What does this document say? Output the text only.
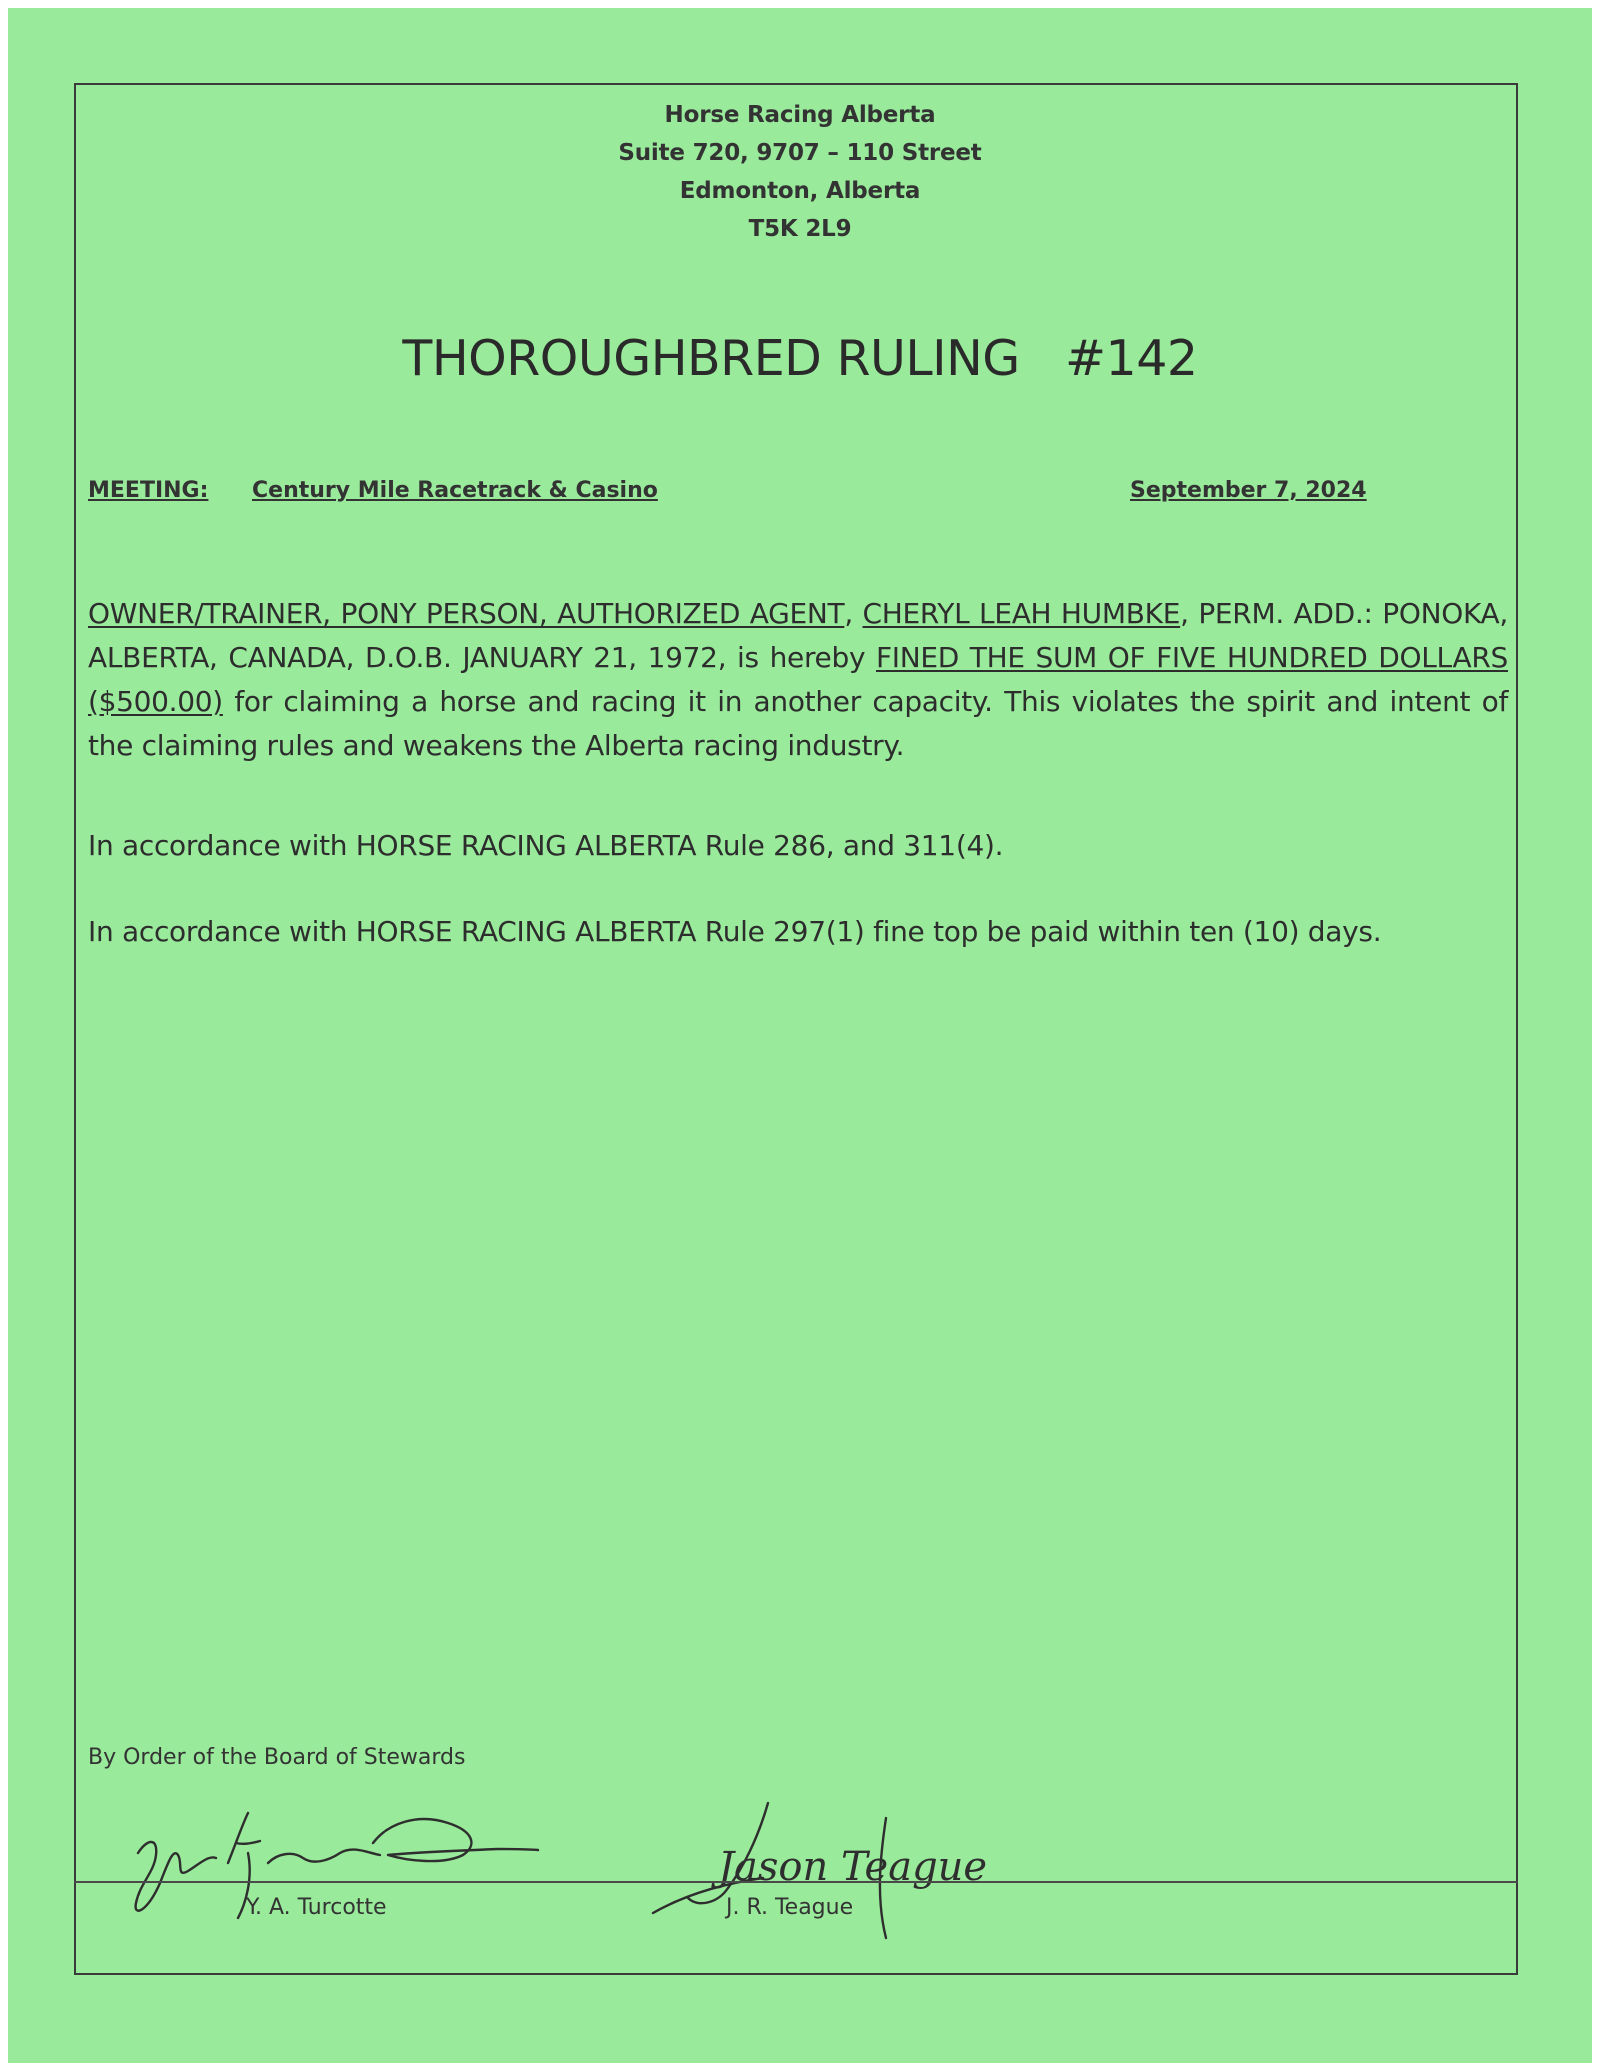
Horse Racing Alberta
Suite 720, 9707 – 110 Street
Edmonton, Alberta
T5K 2L9
THOROUGHBRED RULING   #142
MEETING: Century Mile Racetrack & Casino	September 7, 2024
OWNER/TRAINER, PONY PERSON, AUTHORIZED AGENT, CHERYL LEAH HUMBKE, PERM. ADD.: PONOKA, ALBERTA, CANADA, D.O.B. JANUARY 21, 1972, is hereby FINED THE SUM OF FIVE HUNDRED DOLLARS ($500.00) for claiming a horse and racing it in another capacity. This violates the spirit and intent of the claiming rules and weakens the Alberta racing industry.
In accordance with HORSE RACING ALBERTA Rule 286, and 311(4).
In accordance with HORSE RACING ALBERTA Rule 297(1) fine top be paid within ten (10) days.
By Order of the Board of Stewards
Jason Teague
Y. A. Turcotte	J. R. Teague
